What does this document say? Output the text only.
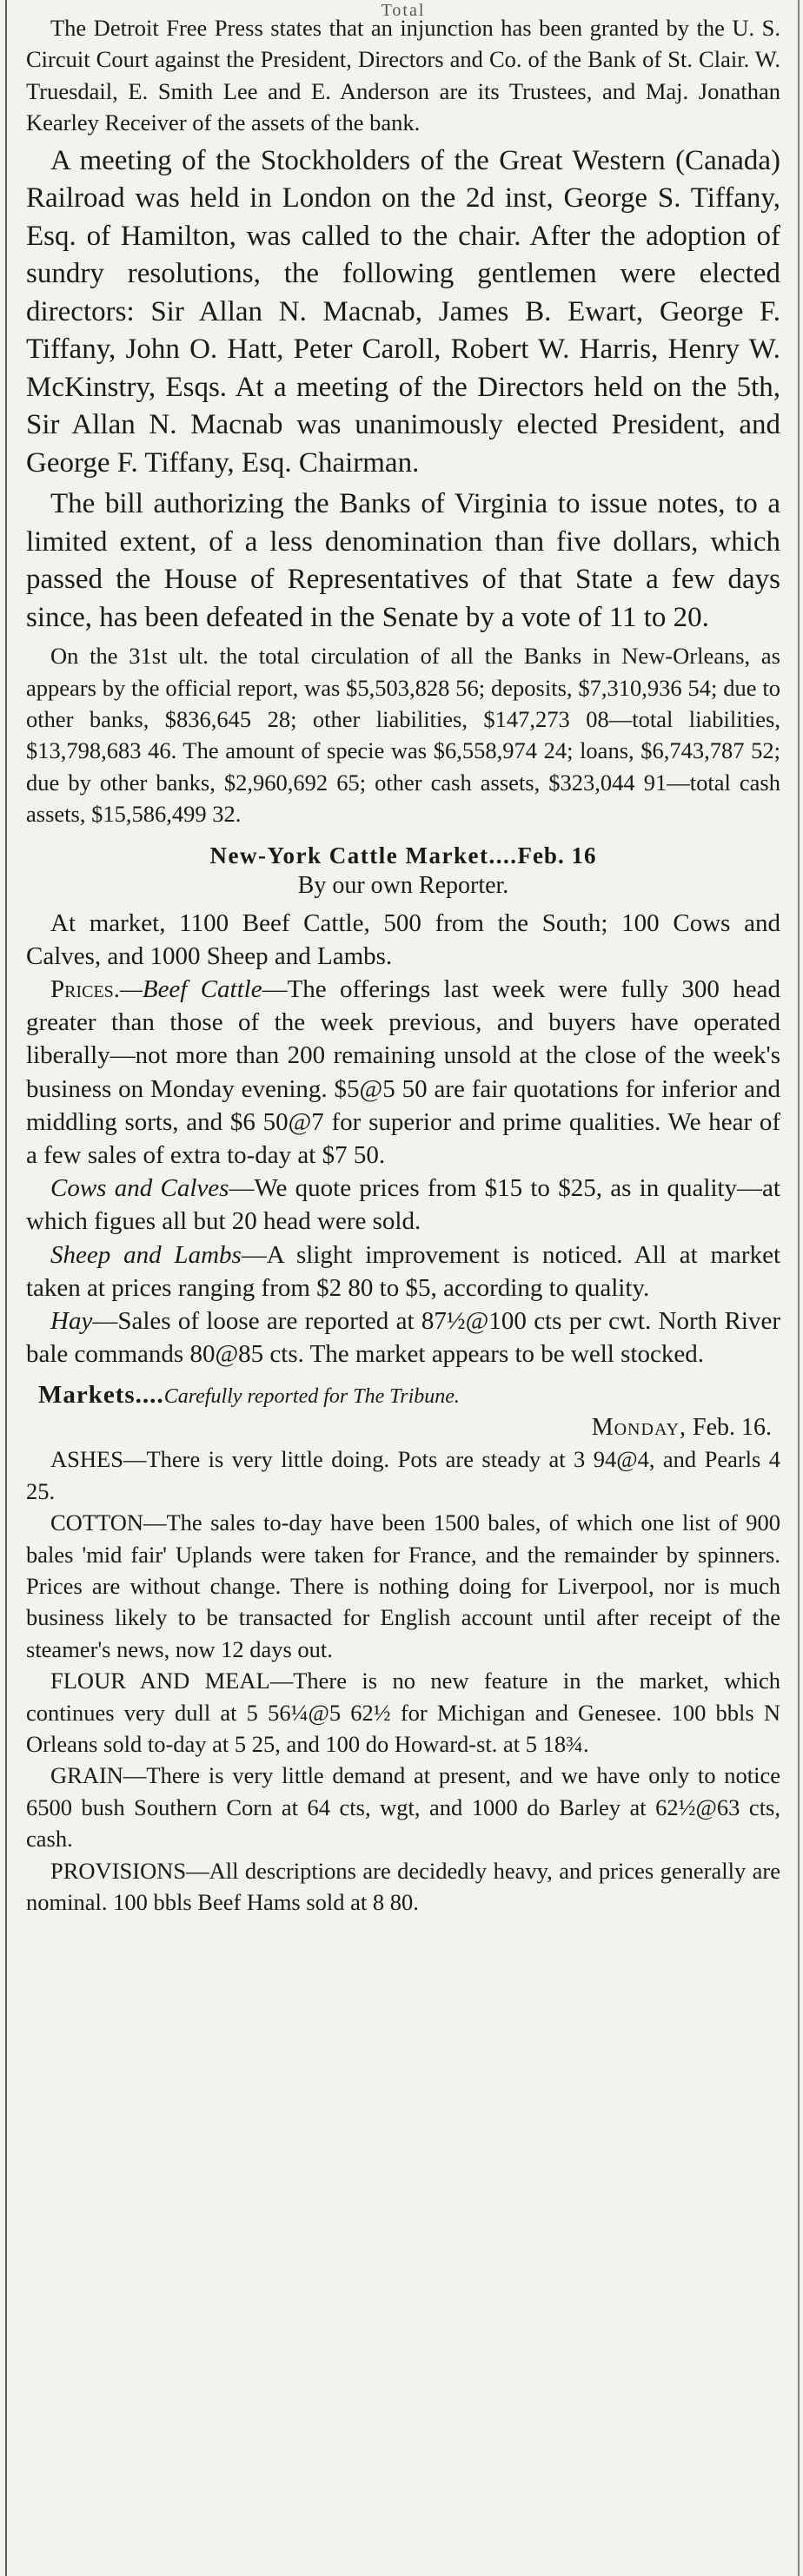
Total

The Detroit Free Press states that an injunction has been granted by the U. S. Circuit Court against the President, Directors and Co. of the Bank of St. Clair. W. Truesdail, E. Smith Lee and E. Anderson are its Trustees, and Maj. Jonathan Kearley Receiver of the assets of the bank.

A meeting of the Stockholders of the Great Western (Canada) Railroad was held in London on the 2d inst, George S. Tiffany, Esq. of Hamilton, was called to the chair. After the adoption of sundry resolutions, the following gentlemen were elected directors: Sir Allan N. Macnab, James B. Ewart, George F. Tiffany, John O. Hatt, Peter Caroll, Robert W. Harris, Henry W. McKinstry, Esqs. At a meeting of the Directors held on the 5th, Sir Allan N. Macnab was unanimously elected President, and George F. Tiffany, Esq. Chairman.

The bill authorizing the Banks of Virginia to issue notes, to a limited extent, of a less denomination than five dollars, which passed the House of Representatives of that State a few days since, has been defeated in the Senate by a vote of 11 to 20.

On the 31st ult. the total circulation of all the Banks in New-Orleans, as appears by the official report, was $5,503,828 56; deposits, $7,310,936 54; due to other banks, $836,645 28; other liabilities, $147,273 08—total liabilities, $13,798,683 46. The amount of specie was $6,558,974 24; loans, $6,743,787 52; due by other banks, $2,960,692 65; other cash assets, $323,044 91—total cash assets, $15,586,499 32.

New-York Cattle Market....Feb. 16
By our own Reporter.

At market, 1100 Beef Cattle, 500 from the South; 100 Cows and Calves, and 1000 Sheep and Lambs.

Prices.—Beef Cattle—The offerings last week were fully 300 head greater than those of the week previous, and buyers have operated liberally—not more than 200 remaining unsold at the close of the week's business on Monday evening. $5@5 50 are fair quotations for inferior and middling sorts, and $6 50@7 for superior and prime qualities. We hear of a few sales of extra to-day at $7 50.

Cows and Calves—We quote prices from $15 to $25, as in quality—at which figues all but 20 head were sold.

Sheep and Lambs—A slight improvement is noticed. All at market taken at prices ranging from $2 80 to $5, according to quality.

Hay—Sales of loose are reported at 87½@100 cts per cwt. North River bale commands 80@85 cts. The market appears to be well stocked.

Markets....Carefully reported for The Tribune.
Monday, Feb. 16.

ASHES—There is very little doing. Pots are steady at 3 94@4, and Pearls 4 25.

COTTON—The sales to-day have been 1500 bales, of which one list of 900 bales 'mid fair' Uplands were taken for France, and the remainder by spinners. Prices are without change. There is nothing doing for Liverpool, nor is much business likely to be transacted for English account until after receipt of the steamer's news, now 12 days out.

FLOUR AND MEAL—There is no new feature in the market, which continues very dull at 5 56¼@5 62½ for Michigan and Genesee. 100 bbls N Orleans sold to-day at 5 25, and 100 do Howard-st. at 5 18¾.

GRAIN—There is very little demand at present, and we have only to notice 6500 bush Southern Corn at 64 cts, wgt, and 1000 do Barley at 62½@63 cts, cash.

PROVISIONS—All descriptions are decidedly heavy, and prices generally are nominal. 100 bbls Beef Hams sold at 8 80.
